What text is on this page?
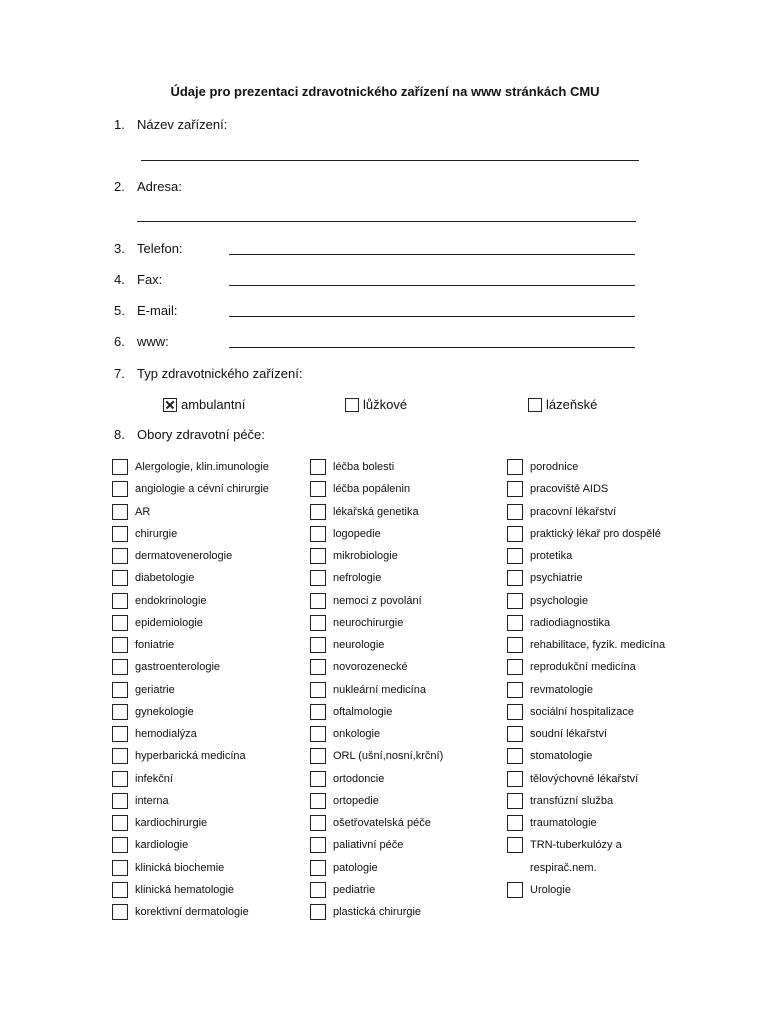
Údaje pro prezentaci zdravotnického zařízení na www stránkách CMU
1. Název zařízení:
2. Adresa:
3. Telefon:
4. Fax:
5. E-mail:
6. www:
7. Typ zdravotnického zařízení:
ambulantní	lůžkové	lázeňské
8. Obory zdravotní péče:
Alergologie, klin.imunologie
angiologie a cévní chirurgie
AR
chirurgie
dermatovenerologie
diabetologie
endokrinologie
epidemiologie
foniatrie
gastroenterologie
geriatrie
gynekologie
hemodialýza
hyperbarická medicína
infekční
interna
kardiochirurgie
kardiologie
klinická biochemie
klinická hematologie
korektivní dermatologie
léčba bolesti
léčba popálenin
lékařská genetika
logopedie
mikrobiologie
nefrologie
nemoci z povolání
neurochirurgie
neurologie
novorozenecké
nukleární medicína
oftalmologie
onkologie
ORL (ušní,nosní,krční)
ortodoncie
ortopedie
ošetřovatelská péče
paliativní péče
patologie
pediatrie
plastická chirurgie
porodnice
pracoviště AIDS
pracovní lékařství
praktický lékař pro dospělé
protetika
psychiatrie
psychologie
radiodiagnostika
rehabilitace, fyzik. medicína
reprodukční medicína
revmatologie
sociální hospitalizace
soudní lékařství
stomatologie
tělovýchovné lékařství
transfúzní služba
traumatologie
TRN-tuberkulózy a
respirač.nem.
Urologie
